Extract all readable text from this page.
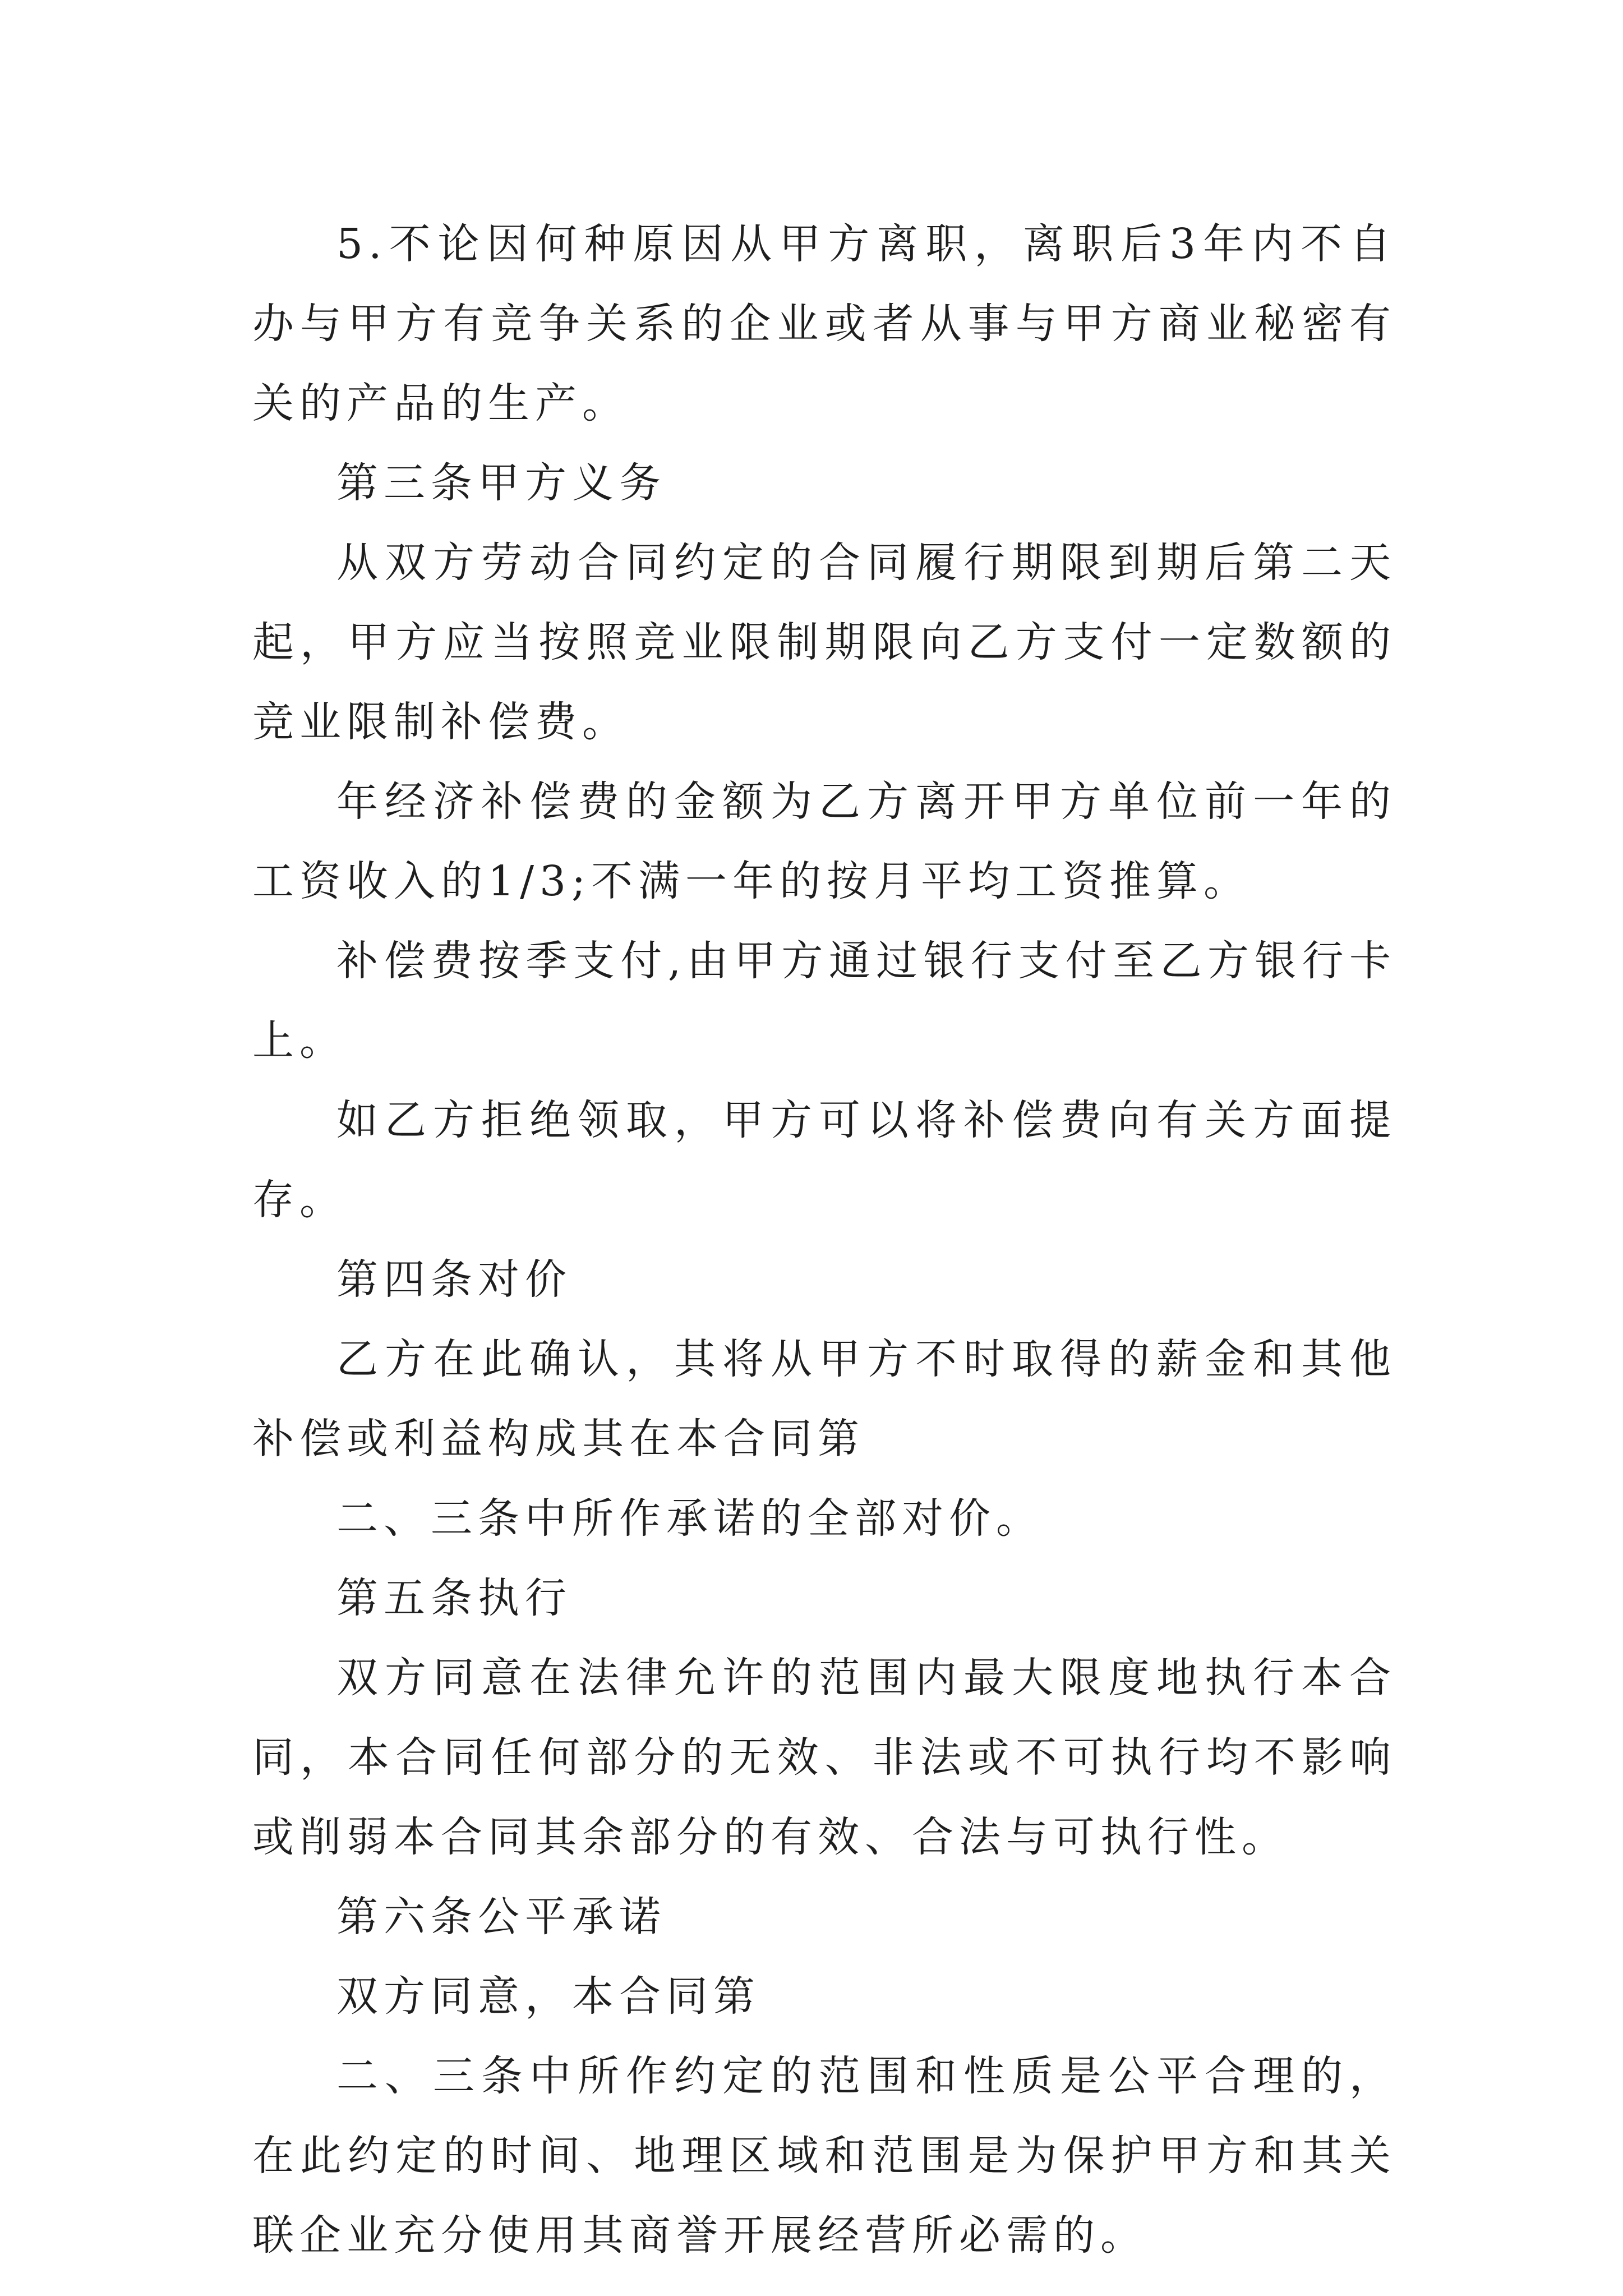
5.不论因何种原因从甲方离职，离职后3年内不自办与甲方有竞争关系的企业或者从事与甲方商业秘密有关的产品的生产。

第三条甲方义务

从双方劳动合同约定的合同履行期限到期后第二天起，甲方应当按照竞业限制期限向乙方支付一定数额的竞业限制补偿费。

年经济补偿费的金额为乙方离开甲方单位前一年的工资收入的1/3;不满一年的按月平均工资推算。

补偿费按季支付,由甲方通过银行支付至乙方银行卡上。

如乙方拒绝领取，甲方可以将补偿费向有关方面提存。

第四条对价

乙方在此确认，其将从甲方不时取得的薪金和其他补偿或利益构成其在本合同第

二、三条中所作承诺的全部对价。

第五条执行

双方同意在法律允许的范围内最大限度地执行本合同，本合同任何部分的无效、非法或不可执行均不影响或削弱本合同其余部分的有效、合法与可执行性。

第六条公平承诺

双方同意，本合同第

二、三条中所作约定的范围和性质是公平合理的，在此约定的时间、地理区域和范围是为保护甲方和其关联企业充分使用其商誉开展经营所必需的。
